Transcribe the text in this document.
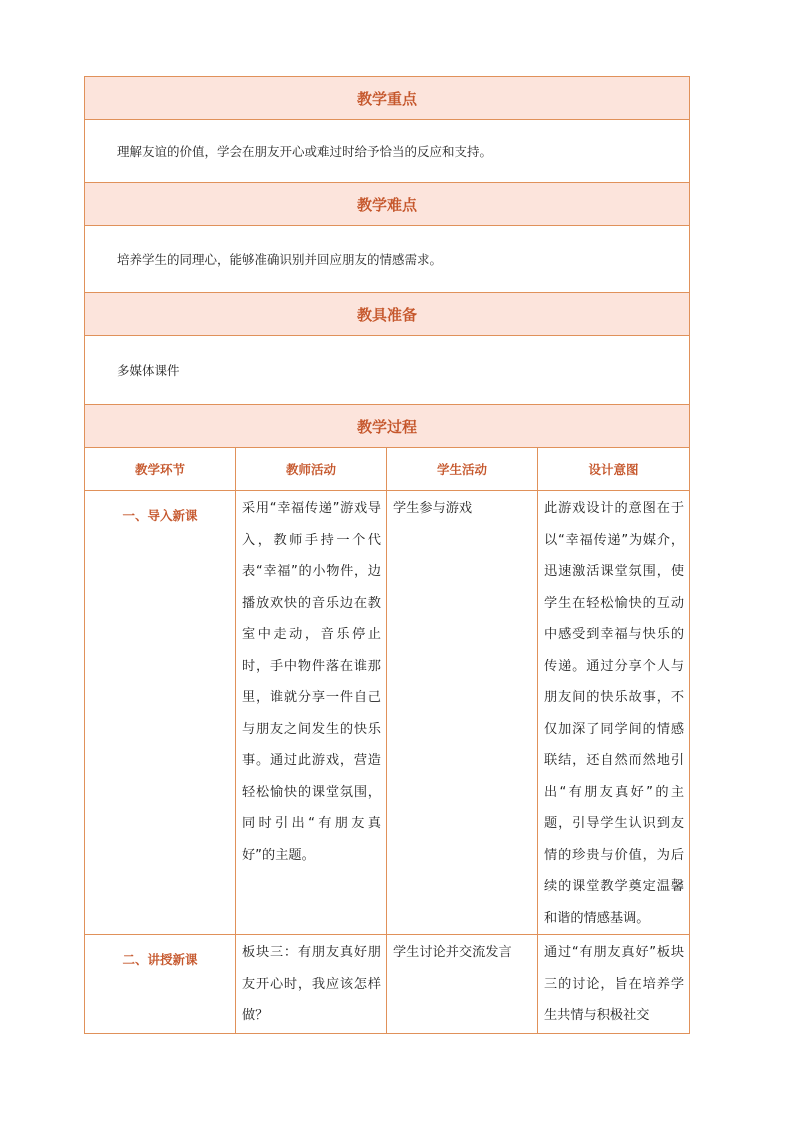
教学重点			
理解友谊的价值，学会在朋友开心或难过时给予恰当的反应和支持。			
教学难点			
培养学生的同理心，能够准确识别并回应朋友的情感需求。			
教具准备			
多媒体课件			
教学过程			
教学环节	教师活动	学生活动	设计意图
一、导入新课	采用“幸福传递”游戏导入，教师手持一个代表“幸福”的小物件，边播放欢快的音乐边在教室中走动，音乐停止时，手中物件落在谁那里，谁就分享一件自己与朋友之间发生的快乐事。通过此游戏，营造轻松愉快的课堂氛围，同时引出“有朋友真好”的主题。	学生参与游戏	此游戏设计的意图在于以“幸福传递”为媒介，迅速激活课堂氛围，使学生在轻松愉快的互动中感受到幸福与快乐的传递。通过分享个人与朋友间的快乐故事，不仅加深了同学间的情感联结，还自然而然地引出“有朋友真好”的主题，引导学生认识到友情的珍贵与价值，为后续的课堂教学奠定温馨和谐的情感基调。
二、讲授新课	板块三：有朋友真好朋友开心时，我应该怎样做？	学生讨论并交流发言	通过“有朋友真好”板块三的讨论，旨在培养学生共情与积极社交
